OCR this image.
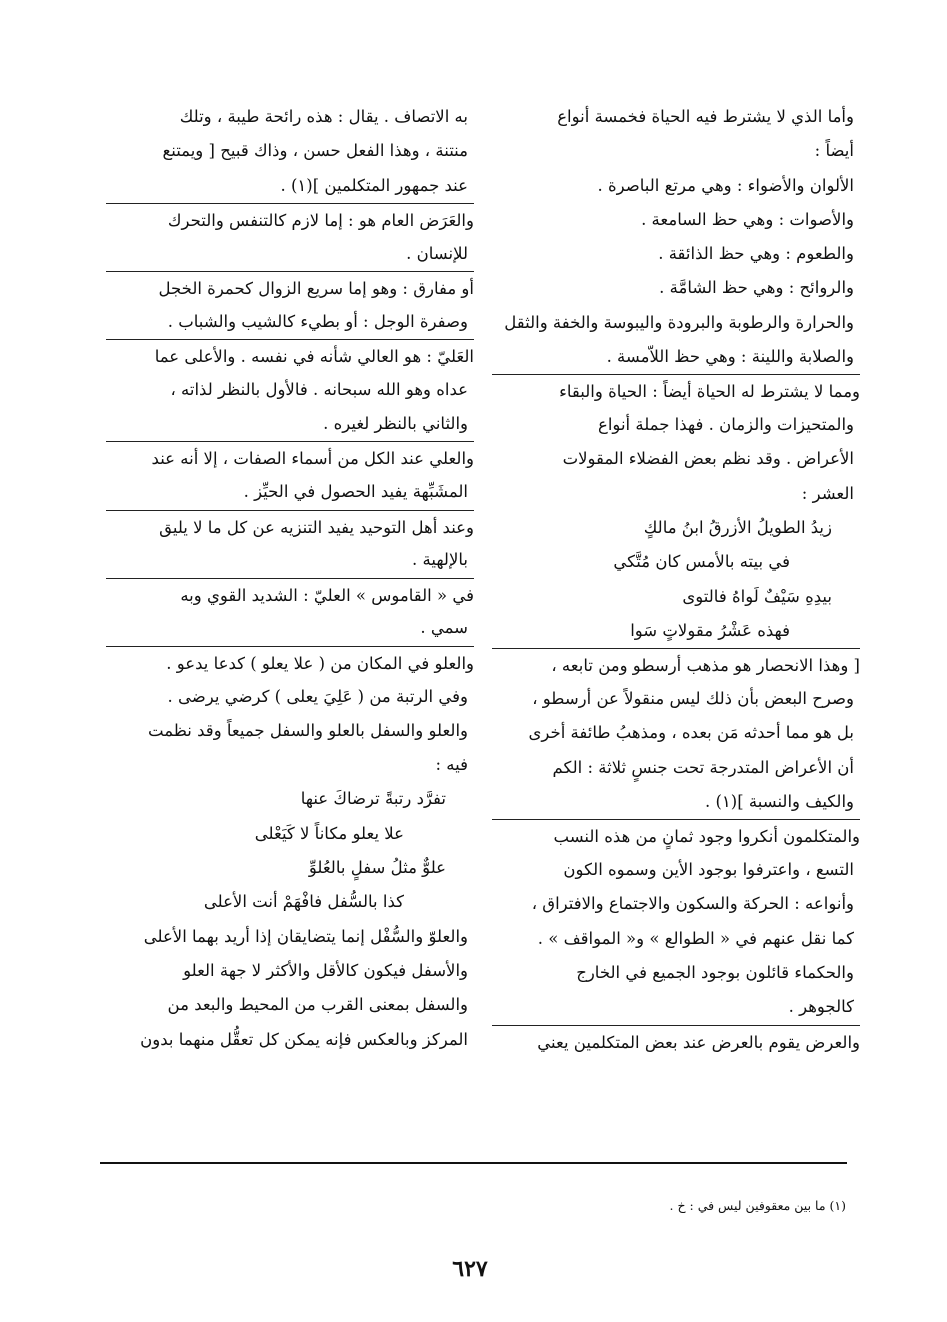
وأما الذي لا يشترط فيه الحياة فخمسة أنواع
أيضاً :
الألوان والأضواء : وهي مرتع الباصرة .
والأصوات : وهي حظ السامعة .
والطعوم : وهي حظ الذائقة .
والروائح : وهي حظ الشامَّة .
والحرارة والرطوبة والبرودة واليبوسة والخفة والثقل
والصلابة واللينة : وهي حظ اللاّمسة .
ومما لا يشترط له الحياة أيضاً : الحياة والبقاء
والمتحيزات والزمان . فهذا جملة أنواع
الأعراض . وقد نظم بعض الفضلاء المقولات
العشر :
زيدُ الطويلُ الأزرقُ ابنُ مالكٍ
في بيته بالأمس كان مُتَّكي
بيدِهِ سَيْفٌ لَواهُ فالتوى
فهذه عَشْرُ مقولاتٍ سَوا
[ وهذا الانحصار هو مذهب أرسطو ومن تابعه ،
وصرح البعض بأن ذلك ليس منقولاً عن أرسطو ،
بل هو مما أحدثه مَن بعده ، ومذهبُ طائفة أخرى
أن الأعراض المتدرجة تحت جنسٍ ثلاثة : الكم
والكيف والنسبة ](١) .
والمتكلمون أنكروا وجود ثمانٍ من هذه النسب
التسع ، واعترفوا بوجود الأين وسموه الكون
وأنواعه : الحركة والسكون والاجتماع والافتراق ،
كما نقل عنهم في « الطوالع » و« المواقف » .
والحكماء قائلون بوجود الجميع في الخارج
كالجوهر .
والعرض يقوم بالعرض عند بعض المتكلمين يعني
به الاتصاف . يقال : هذه رائحة طيبة ، وتلك
منتنة ، وهذا الفعل حسن ، وذاك قبيح [ ويمتنع
عند جمهور المتكلمين ](١) .
والعَرَض العام هو : إما لازم كالتنفس والتحرك
للإنسان .
أو مفارق : وهو إما سريع الزوال كحمرة الخجل
وصفرة الوجل : أو بطيء كالشيب والشباب .
العَليّ : هو العالي شأنه في نفسه . والأعلى عما
عداه وهو الله سبحانه . فالأول بالنظر لذاته ،
والثاني بالنظر لغيره .
والعلي عند الكل من أسماء الصفات ، إلا أنه عند
المشَبِّهة يفيد الحصول في الحيِّز .
وعند أهل التوحيد يفيد التنزيه عن كل ما لا يليق
بالإلهية .
في « القاموس » العليّ : الشديد القوي وبه
سمي .
والعلو في المكان من ( علا يعلو ) كدعا يدعو .
وفي الرتبة من ( عَلِيَ يعلى ) كرضي يرضى .
والعلو والسفل بالعلو والسفل جميعاً وقد نظمت
فيه :
تفرَّد رتبةً ترضاكَ عنها
علا يعلو مكاناً لا كَيَعْلى
علوٌّ مثلُ سفلٍ بالعُلوِّ
كذا بالسُّفل فافْهَمْ أنت الأعلى
والعلوّ والسُّفْل إنما يتضايقان إذا أريد بهما الأعلى
والأسفل فيكون كالأقل والأكثر لا جهة العلو
والسفل بمعنى القرب من المحيط والبعد من
المركز وبالعكس فإنه يمكن كل تعقُّل منهما بدون
(١) ما بين معقوفين ليس في : خ .
٦٢٧
